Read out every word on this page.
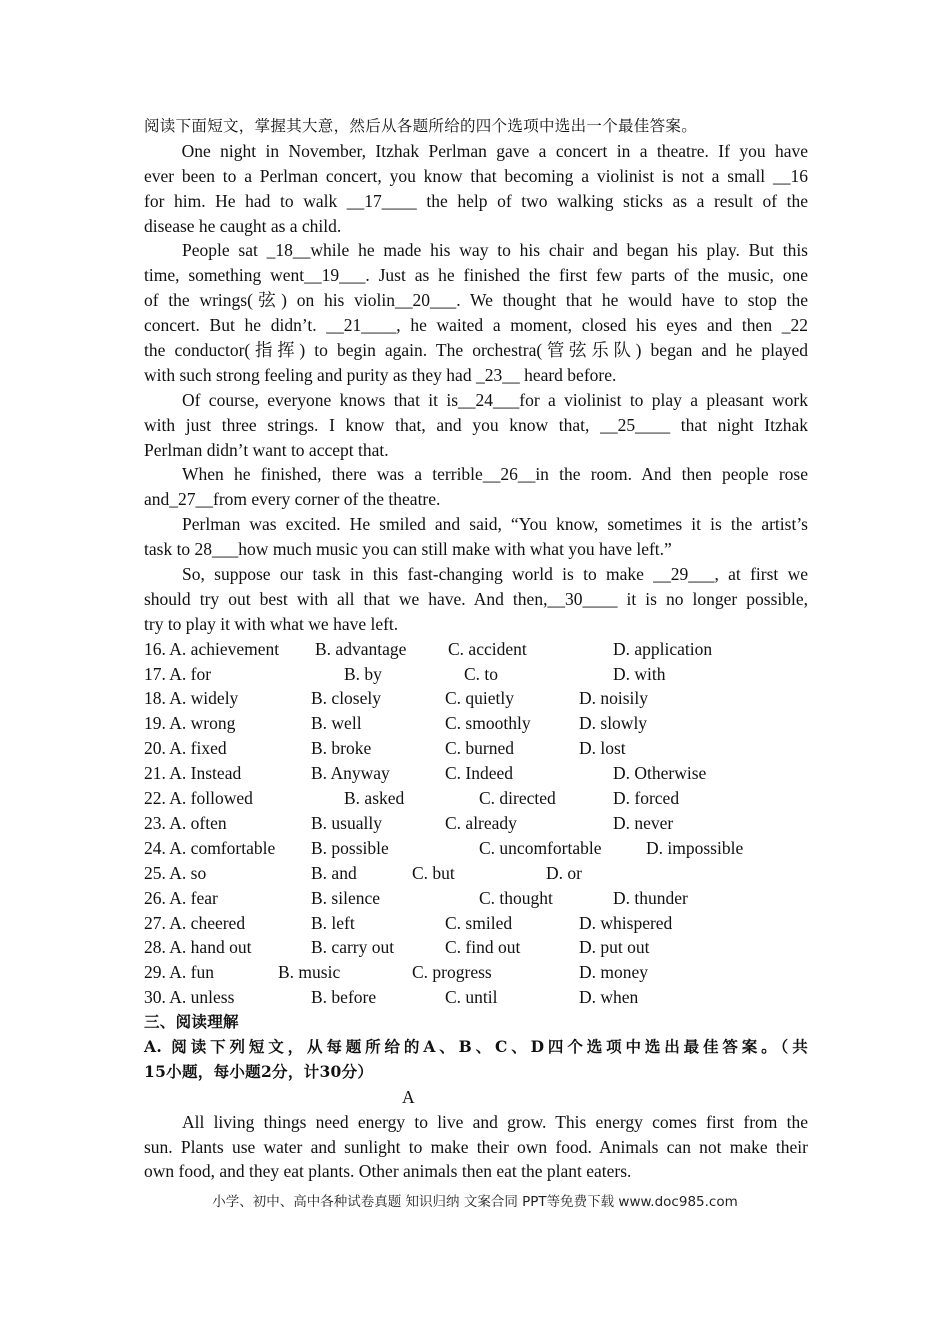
阅读下面短文，掌握其大意，然后从各题所给的四个选项中选出一个最佳答案。
One night in November, Itzhak Perlman gave a concert in a theatre. If you have
ever been to a Perlman concert, you know that becoming a violinist is not a small __16
for him. He had to walk __17____ the help of two walking sticks as a result of the
disease he caught as a child.
People sat _18__while he made his way to his chair and began his play. But this
time, something went__19___. Just as he finished the first few parts of the music, one
of the wrings(弦) on his violin__20___. We thought that he would have to stop the
concert. But he didn’t. __21____, he waited a moment, closed his eyes and then _22
the conductor(指挥) to begin again. The orchestra(管弦乐队) began and he played
with such strong feeling and purity as they had _23__ heard before.
Of course, everyone knows that it is__24___for a violinist to play a pleasant work
with just three strings. I know that, and you know that, __25____ that night Itzhak
Perlman didn’t want to accept that.
When he finished, there was a terrible__26__in the room. And then people rose
and_27__from every corner of the theatre.
Perlman was excited. He smiled and said, “You know, sometimes it is the artist’s
task to 28___how much music you can still make with what you have left.”
So, suppose our task in this fast-changing world is to make __29___, at first we
should try out best with all that we have. And then,__30____ it is no longer possible,
try to play it with what we have left.
16. A. achievement B. advantage C. accident	D. application
17. A. for	B. by	C. to	D. with
18. A. widely	B. closely	C. quietly	D. noisily
19. A. wrong	B. well	C. smoothly	D. slowly
20. A. fixed	B. broke	C. burned	D. lost
21. A. Instead	B. Anyway	C. Indeed	D. Otherwise
22. A. followed	B. asked	C. directed	D. forced
23. A. often	B. usually	C. already	D. never
24. A. comfortable B. possible	C. uncomfortable	D. impossible
25. A. so	B. and	C. but	D. or
26. A. fear	B. silence	C. thought	D. thunder
27. A. cheered	B. left	C. smiled	D. whispered
28. A. hand out	B. carry out	C. find out	D. put out
29. A. fun	B. music	C. progress	D. money
30. A. unless	B. before	C. until	D. when
三、阅读理解
A. 阅读下列短文，从每题所给的A、B、C、D四个选项中选出最佳答案。（共
15小题，每小题2分，计30分）
A
All living things need energy to live and grow. This energy comes first from the
sun. Plants use water and sunlight to make their own food. Animals can not make their
own food, and they eat plants. Other animals then eat the plant eaters.
小学、初中、高中各种试卷真题 知识归纳 文案合同 PPT等免费下载 www.doc985.com
